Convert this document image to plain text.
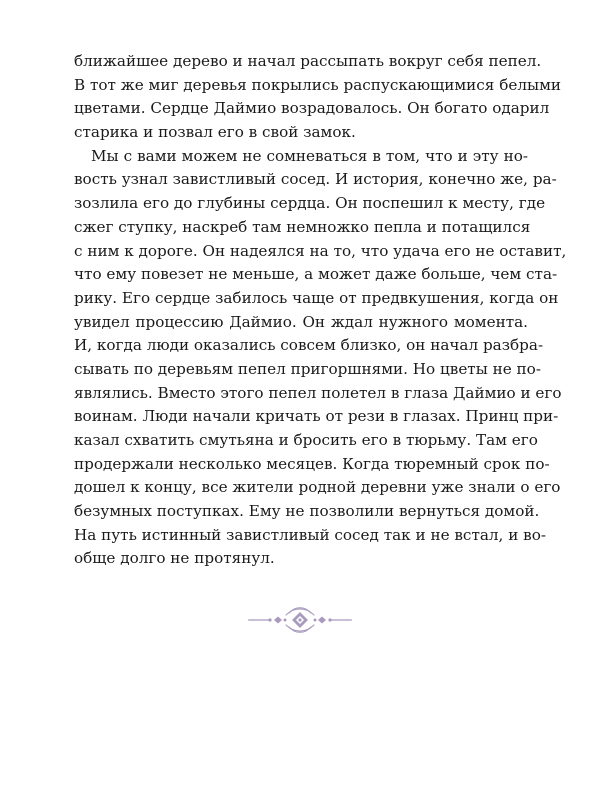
ближайшее дерево и начал рассыпать вокруг себя пепел.
В тот же миг деревья покрылись распускающимися белыми
цветами. Сердце Даймио возрадовалось. Он богато одарил
старика и позвал его в свой замок.
Мы с вами можем не сомневаться в том, что и эту но-
вость узнал завистливый сосед. И история, конечно же, ра-
зозлила его до глубины сердца. Он поспешил к месту, где
сжег ступку, наскреб там немножко пепла и потащился
с ним к дороге. Он надеялся на то, что удача его не оставит,
что ему повезет не меньше, а может даже больше, чем ста-
рику. Его сердце забилось чаще от предвкушения, когда он
увидел процессию Даймио. Он ждал нужного момента.
И, когда люди оказались совсем близко, он начал разбра-
сывать по деревьям пепел пригоршнями. Но цветы не по-
являлись. Вместо этого пепел полетел в глаза Даймио и его
воинам. Люди начали кричать от рези в глазах. Принц при-
казал схватить смутьяна и бросить его в тюрьму. Там его
продержали несколько месяцев. Когда тюремный срок по-
дошел к концу, все жители родной деревни уже знали о его
безумных поступках. Ему не позволили вернуться домой.
На путь истинный завистливый сосед так и не встал, и во-
обще долго не протянул.
